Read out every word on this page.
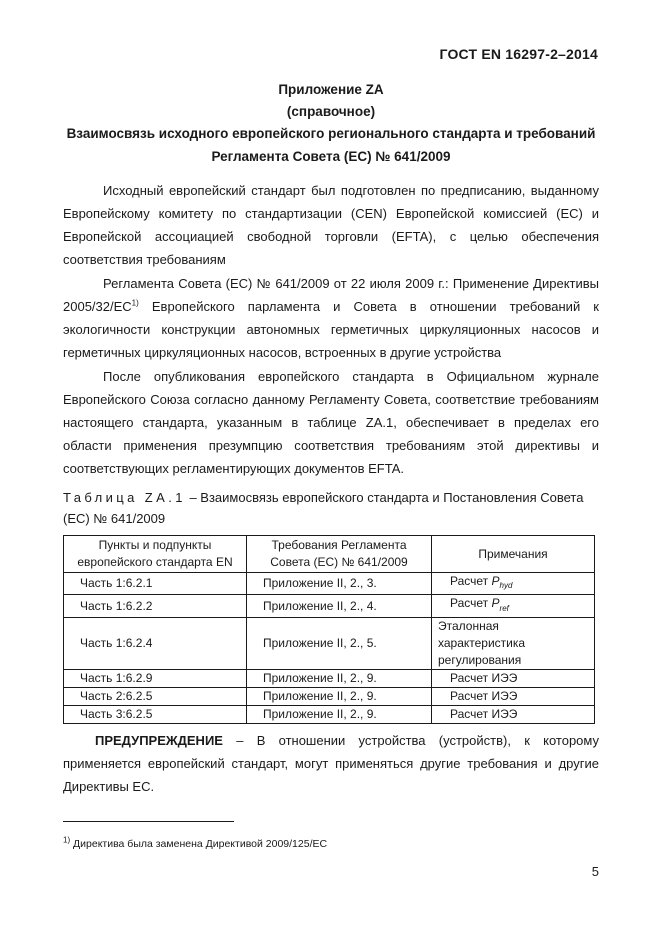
ГОСТ EN 16297-2–2014
Приложение ZA
(справочное)
Взаимосвязь исходного европейского регионального стандарта и требований
Регламента Совета (ЕС) № 641/2009

Исходный европейский стандарт был подготовлен по предписанию, выданному Европейскому комитету по стандартизации (CEN) Европейской комиссией (ЕС) и Европейской ассоциацией свободной торговли (EFTA), с целью обеспечения соответствия требованиям

Регламента Совета (ЕС) № 641/2009 от 22 июля 2009 г.: Применение Директивы 2005/32/ЕС$^{1)}$ Европейского парламента и Совета в отношении требований к экологичности конструкции автономных герметичных циркуляционных насосов и герметичных циркуляционных насосов, встроенных в другие устройства

После опубликования европейского стандарта в Официальном журнале Европейского Союза согласно данному Регламенту Совета, соответствие требованиям настоящего стандарта, указанным в таблице ZA.1, обеспечивает в пределах его области применения презумпцию соответствия требованиям этой директивы и соответствующих регламентирующих документов EFTA.

Таблица ZA.1 – Взаимосвязь европейского стандарта и Постановления Совета (ЕС) № 641/2009

Пункты и подпункты европейского стандарта EN	Требования Регламента Совета (ЕС) № 641/2009	Примечания
Часть 1:6.2.1	Приложение II, 2., 3.	Расчет $P_{hyd}$
Часть 1:6.2.2	Приложение II, 2., 4.	Расчет $P_{ref}$
Часть 1:6.2.4	Приложение II, 2., 5.	Эталонная характеристика регулирования
Часть 1:6.2.9	Приложение II, 2., 9.	Расчет ИЭЭ
Часть 2:6.2.5	Приложение II, 2., 9.	Расчет ИЭЭ
Часть 3:6.2.5	Приложение II, 2., 9.	Расчет ИЭЭ

ПРЕДУПРЕЖДЕНИЕ – В отношении устройства (устройств), к которому применяется европейский стандарт, могут применяться другие требования и другие Директивы ЕС.

$^{1)}$ Директива была заменена Директивой 2009/125/ЕС
5
